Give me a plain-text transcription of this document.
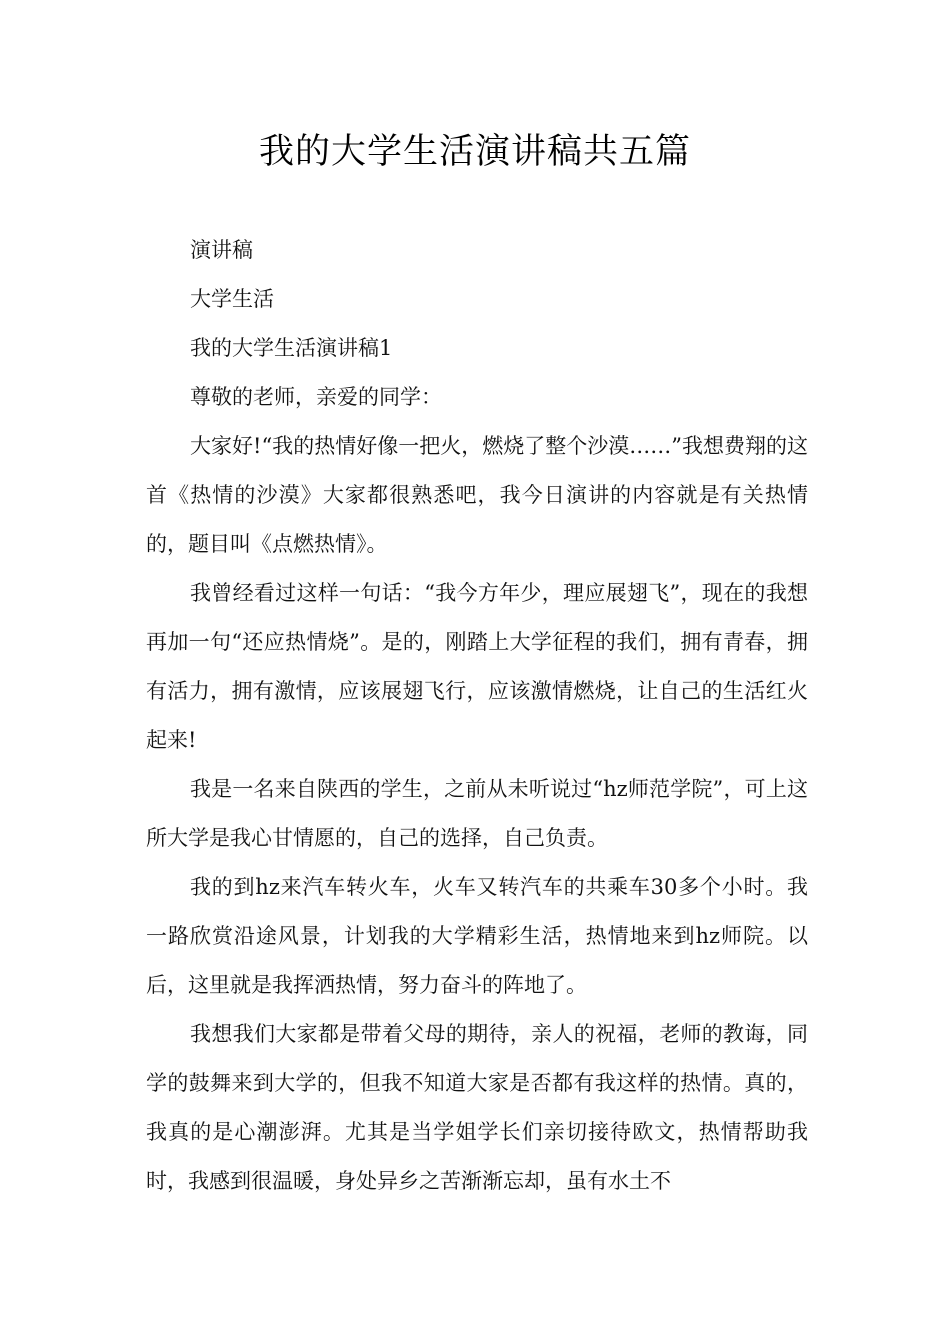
我的大学生活演讲稿共五篇

演讲稿

大学生活

我的大学生活演讲稿1

尊敬的老师，亲爱的同学：

大家好!“我的热情好像一把火，燃烧了整个沙漠……”我想费翔的这首《热情的沙漠》大家都很熟悉吧，我今日演讲的内容就是有关热情的，题目叫《点燃热情》。

我曾经看过这样一句话：“我今方年少，理应展翅飞”，现在的我想再加一句“还应热情烧”。是的，刚踏上大学征程的我们，拥有青春，拥有活力，拥有激情，应该展翅飞行，应该激情燃烧，让自己的生活红火起来!

我是一名来自陕西的学生，之前从未听说过“hz师范学院”，可上这所大学是我心甘情愿的，自己的选择，自己负责。

我的到hz来汽车转火车，火车又转汽车的共乘车30多个小时。我一路欣赏沿途风景，计划我的大学精彩生活，热情地来到hz师院。以后，这里就是我挥洒热情，努力奋斗的阵地了。

我想我们大家都是带着父母的期待，亲人的祝福，老师的教诲，同学的鼓舞来到大学的，但我不知道大家是否都有我这样的热情。真的，我真的是心潮澎湃。尤其是当学姐学长们亲切接待欧文，热情帮助我时，我感到很温暖，身处异乡之苦渐渐忘却，虽有水土不
